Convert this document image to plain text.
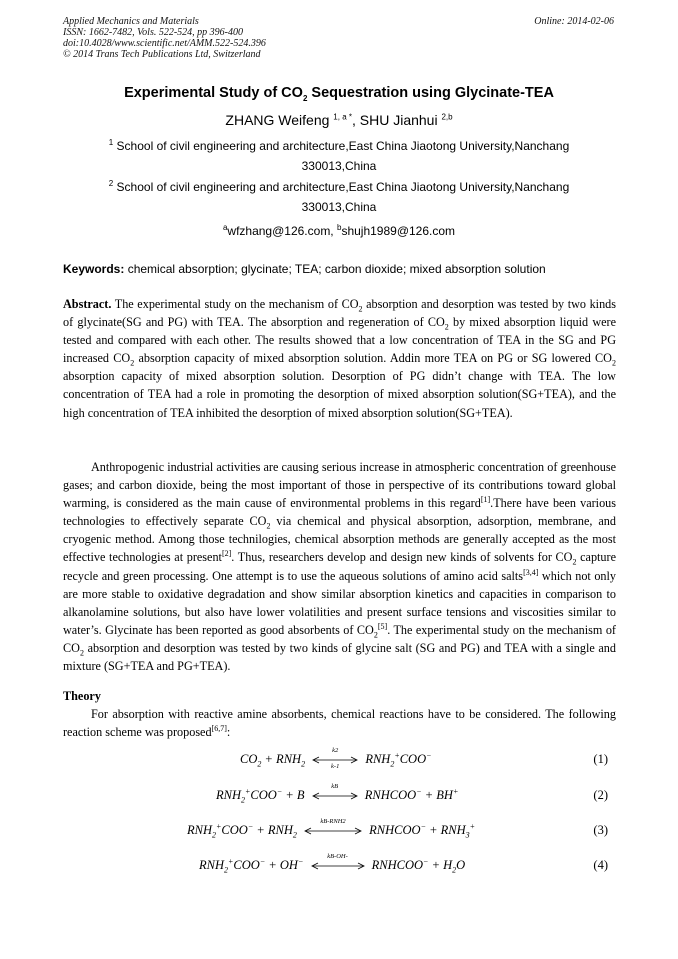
Applied Mechanics and Materials
ISSN: 1662-7482, Vols. 522-524, pp 396-400
doi:10.4028/www.scientific.net/AMM.522-524.396
© 2014 Trans Tech Publications Ltd, Switzerland
Online: 2014-02-06
Experimental Study of $CO_2$ Sequestration using Glycinate-TEA
ZHANG Weifeng $^{1, a *}$, SHU Jianhui $^{2,b}$
$^1$ School of civil engineering and architecture,East China Jiaotong University,Nanchang
330013,China
$^2$ School of civil engineering and architecture,East China Jiaotong University,Nanchang
330013,China
$^a$wfzhang@126.com, $^b$shujh1989@126.com
Keywords: chemical absorption; glycinate; TEA; carbon dioxide; mixed absorption solution
Abstract. The experimental study on the mechanism of $CO_2$ absorption and desorption was tested by two kinds of glycinate(SG and PG) with TEA. The absorption and regeneration of $CO_2$ by mixed absorption liquid were tested and compared with each other. The results showed that a low concentration of TEA in the SG and PG increased $CO_2$ absorption capacity of mixed absorption solution. Addin more TEA on PG or SG lowered $CO_2$ absorption capacity of mixed absorption solution. Desorption of PG didn’t change with TEA. The low concentration of TEA had a role in promoting the desorption of mixed absorption solution(SG+TEA), and the high concentration of TEA inhibited the desorption of mixed absorption solution(SG+TEA).

Anthropogenic industrial activities are causing serious increase in atmospheric concentration of greenhouse gases; and carbon dioxide, being the most important of those in perspective of its contributions toward global warming, is considered as the main cause of environmental problems in this regard[1].There have been various technologies to effectively separate $CO_2$ via chemical and physical absorption, adsorption, membrane, and cryogenic method. Among those technilogies, chemical absorption methods are generally accepted as the most effective technologies at present[2]. Thus, researchers develop and design new kinds of solvents for $CO_2$ capture recycle and green processing. One attempt is to use the aqueous solutions of amino acid salts[3,4] which not only are more stable to oxidative degradation and show similar absorption kinetics and capacities in comparison to alkanolamine solutions, but also have lower volatilities and present surface tensions and viscosities similar to water’s. Glycinate has been reported as good absorbents of $CO_2[5]$. The experimental study on the mechanism of $CO_2$ absorption and desorption was tested by two kinds of glycine salt (SG and PG) and TEA with a single and mixture (SG+TEA and PG+TEA).

Theory

For absorption with reactive amine absorbents, chemical reactions have to be considered. The following reaction scheme was proposed[6,7]:

$CO_2 + RNH_2$
k2
k-1
$RNH_2^+COO^-$	(1)
$RNH_2^+COO^- + B$
kB
RNHCOO− + BH+	(2)
$RNH_2^+COO^- + RNH_2$
kB-RNH2
RNHCOO− + $RNH_3^+$	(3)
$RNH_2^+COO^- + OH^-$
kB-OH-
RNHCOO− + $H_2O$	(4)
